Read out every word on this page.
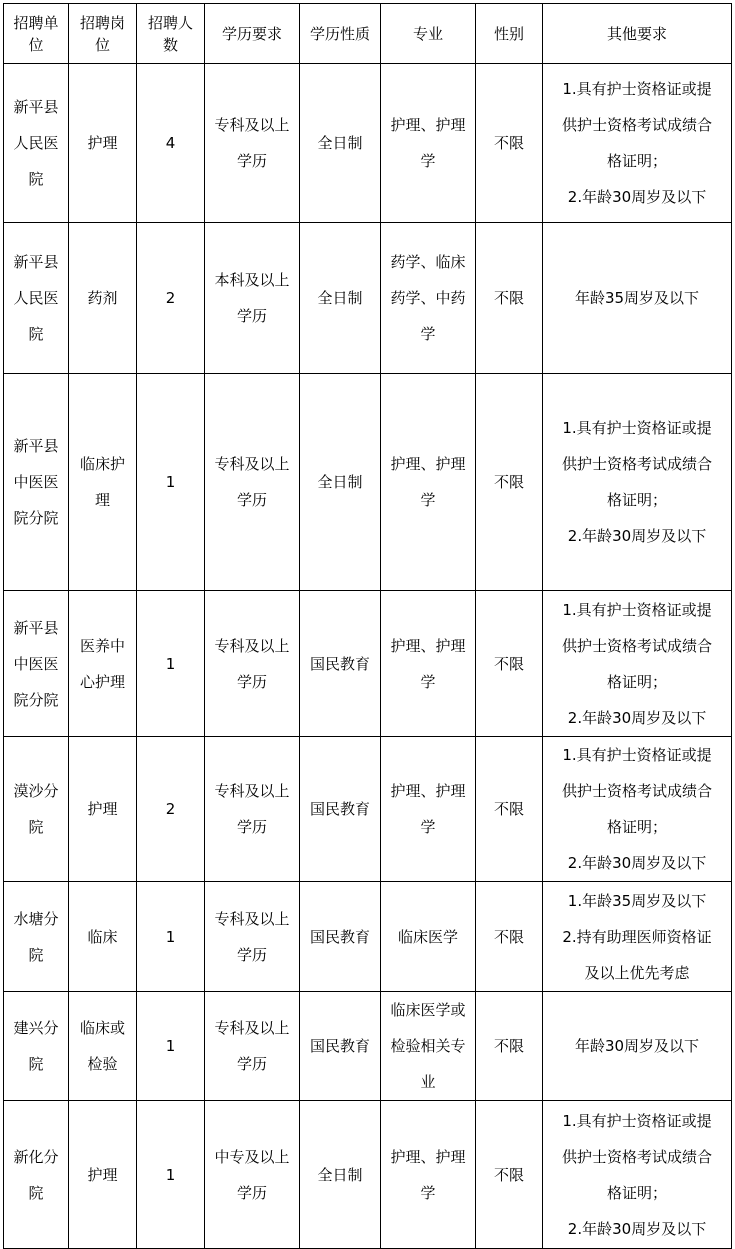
招聘单位	招聘岗位	招聘人数	学历要求	学历性质	专业	性别	其他要求
新平县人民医院	护理	4	专科及以上学历	全日制	护理、护理学	不限	1.具有护士资格证或提
供护士资格考试成绩合
格证明；
2.年龄30周岁及以下

新平县人民医院	药剂	2	本科及以上学历	全日制	药学、临床药学、中药学	不限	年龄35周岁及以下

新平县中医医院分院	临床护理	1	专科及以上学历	全日制	护理、护理学	不限	1.具有护士资格证或提
供护士资格考试成绩合
格证明；
2.年龄30周岁及以下

新平县中医医院分院	医养中心护理	1	专科及以上学历	国民教育	护理、护理学	不限	1.具有护士资格证或提
供护士资格考试成绩合
格证明；
2.年龄30周岁及以下

漠沙分院	护理	2	专科及以上学历	国民教育	护理、护理学	不限	1.具有护士资格证或提
供护士资格考试成绩合
格证明；
2.年龄30周岁及以下

水塘分院	临床	1	专科及以上学历	国民教育	临床医学	不限	1.年龄35周岁及以下
2.持有助理医师资格证
及以上优先考虑

建兴分院	临床或检验	1	专科及以上学历	国民教育	临床医学或检验相关专业	不限	年龄30周岁及以下

新化分院	护理	1	中专及以上学历	全日制	护理、护理学	不限	1.具有护士资格证或提
供护士资格考试成绩合
格证明；
2.年龄30周岁及以下
